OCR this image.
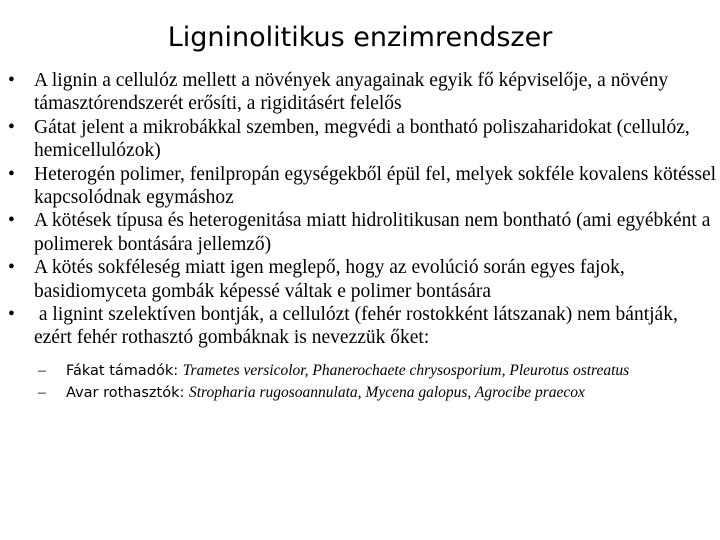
Ligninolitikus enzimrendszer
• A lignin a cellulóz mellett a növények anyagainak egyik fő képviselője, a növény támasztórendszerét erősíti, a rigiditásért felelős
• Gátat jelent a mikrobákkal szemben, megvédi a bontható poliszaharidokat (cellulóz, hemicellulózok)
• Heterogén polimer, fenilpropán egységekből épül fel, melyek sokféle kovalens kötéssel kapcsolódnak egymáshoz
• A kötések típusa és heterogenitása miatt hidrolitikusan nem bontható (ami egyébként a polimerek bontására jellemző)
• A kötés sokféleség miatt igen meglepő, hogy az evolúció során egyes fajok, basidiomyceta gombák képessé váltak e polimer bontására
• a lignint szelektíven bontják, a cellulózt (fehér rostokként látszanak) nem bántják, ezért fehér rothasztó gombáknak is nevezzük őket:
– Fákat támadók: Trametes versicolor, Phanerochaete chrysosporium, Pleurotus ostreatus
– Avar rothasztók: Stropharia rugosoannulata, Mycena galopus, Agrocibe praecox
